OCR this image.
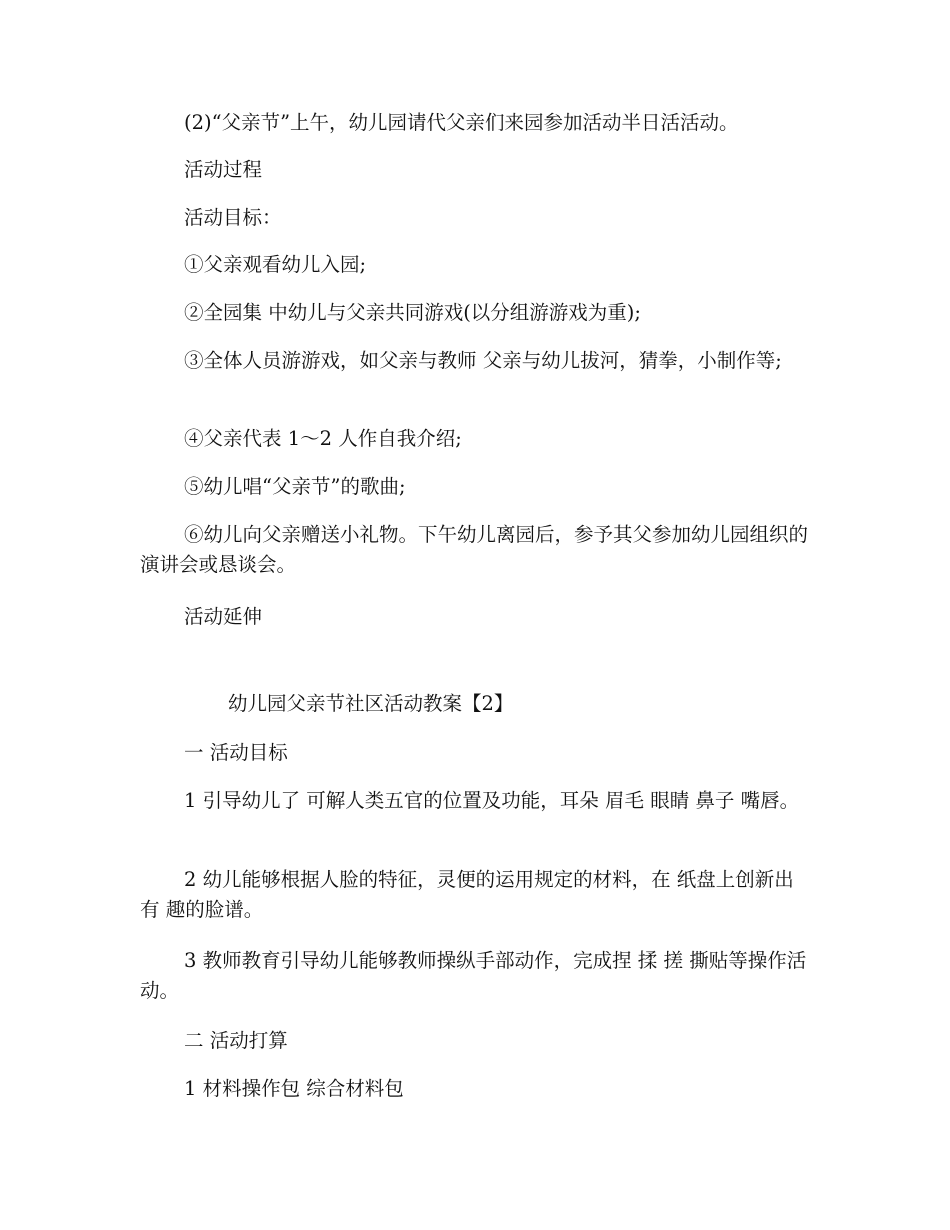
(2)“父亲节”上午，幼儿园请代父亲们来园参加活动半日活活动。

活动过程

活动目标：

①父亲观看幼儿入园;

②全园集 中幼儿与父亲共同游戏(以分组游游戏为重);

③全体人员游游戏，如父亲与教师 父亲与幼儿拔河，猜拳，小制作等;

④父亲代表 1～2 人作自我介绍;

⑤幼儿唱“父亲节”的歌曲;

⑥幼儿向父亲赠送小礼物。下午幼儿离园后，参予其父参加幼儿园组织的演讲会或恳谈会。

活动延伸

幼儿园父亲节社区活动教案【2】

一 活动目标

1 引导幼儿了 可解人类五官的位置及功能，耳朵 眉毛 眼睛 鼻子 嘴唇。

2 幼儿能够根据人脸的特征，灵便的运用规定的材料，在 纸盘上创新出有 趣的脸谱。

3 教师教育引导幼儿能够教师操纵手部动作，完成捏 揉 搓 撕贴等操作活动。

二 活动打算

1 材料操作包 综合材料包
